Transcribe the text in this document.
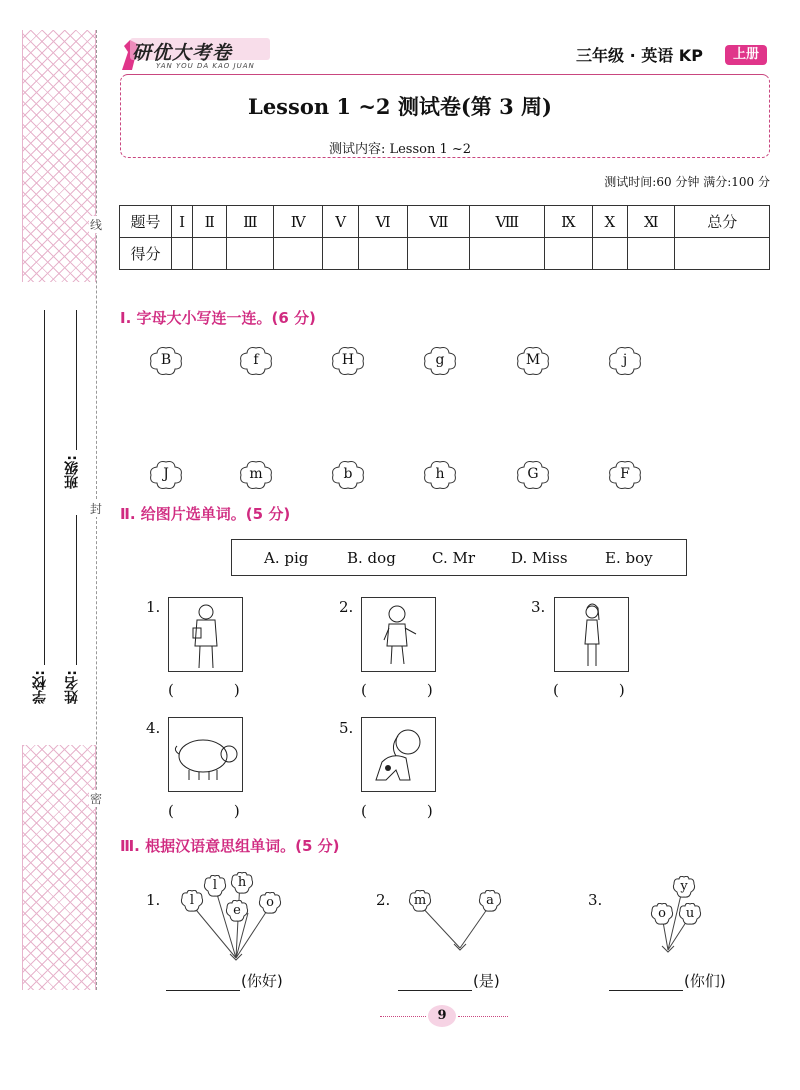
线
封
密
学校: 姓名:
班级:
研优大考卷
YAN YOU DA KAO JUAN
三年级 · 英语 KP	上册
Lesson 1 ~2 测试卷(第 3 周)
测试内容: Lesson 1 ~2
测试时间:60 分钟 满分:100 分
题号	Ⅰ	Ⅱ	Ⅲ	Ⅳ	Ⅴ	Ⅵ	Ⅶ	Ⅷ	Ⅸ	Ⅹ	Ⅺ	总分
得分												
Ⅰ. 字母大小写连一连。(6 分)
B	f	H	g	M	j
J	m	b	h	G	F
Ⅱ. 给图片选单词。(5 分)
A. pig	B. dog C. Mr D. Miss E. boy
1.
(　　　　)
2.
(　　　　)
3.
(　　　　)
4.
(　　　　)
5.
(　　　　)
Ⅲ. 根据汉语意思组单词。(5 分)
1.	2.	3.
l
l	h
e
o	m	a
y
o	u
(你好)	(是)	(你们)
9
